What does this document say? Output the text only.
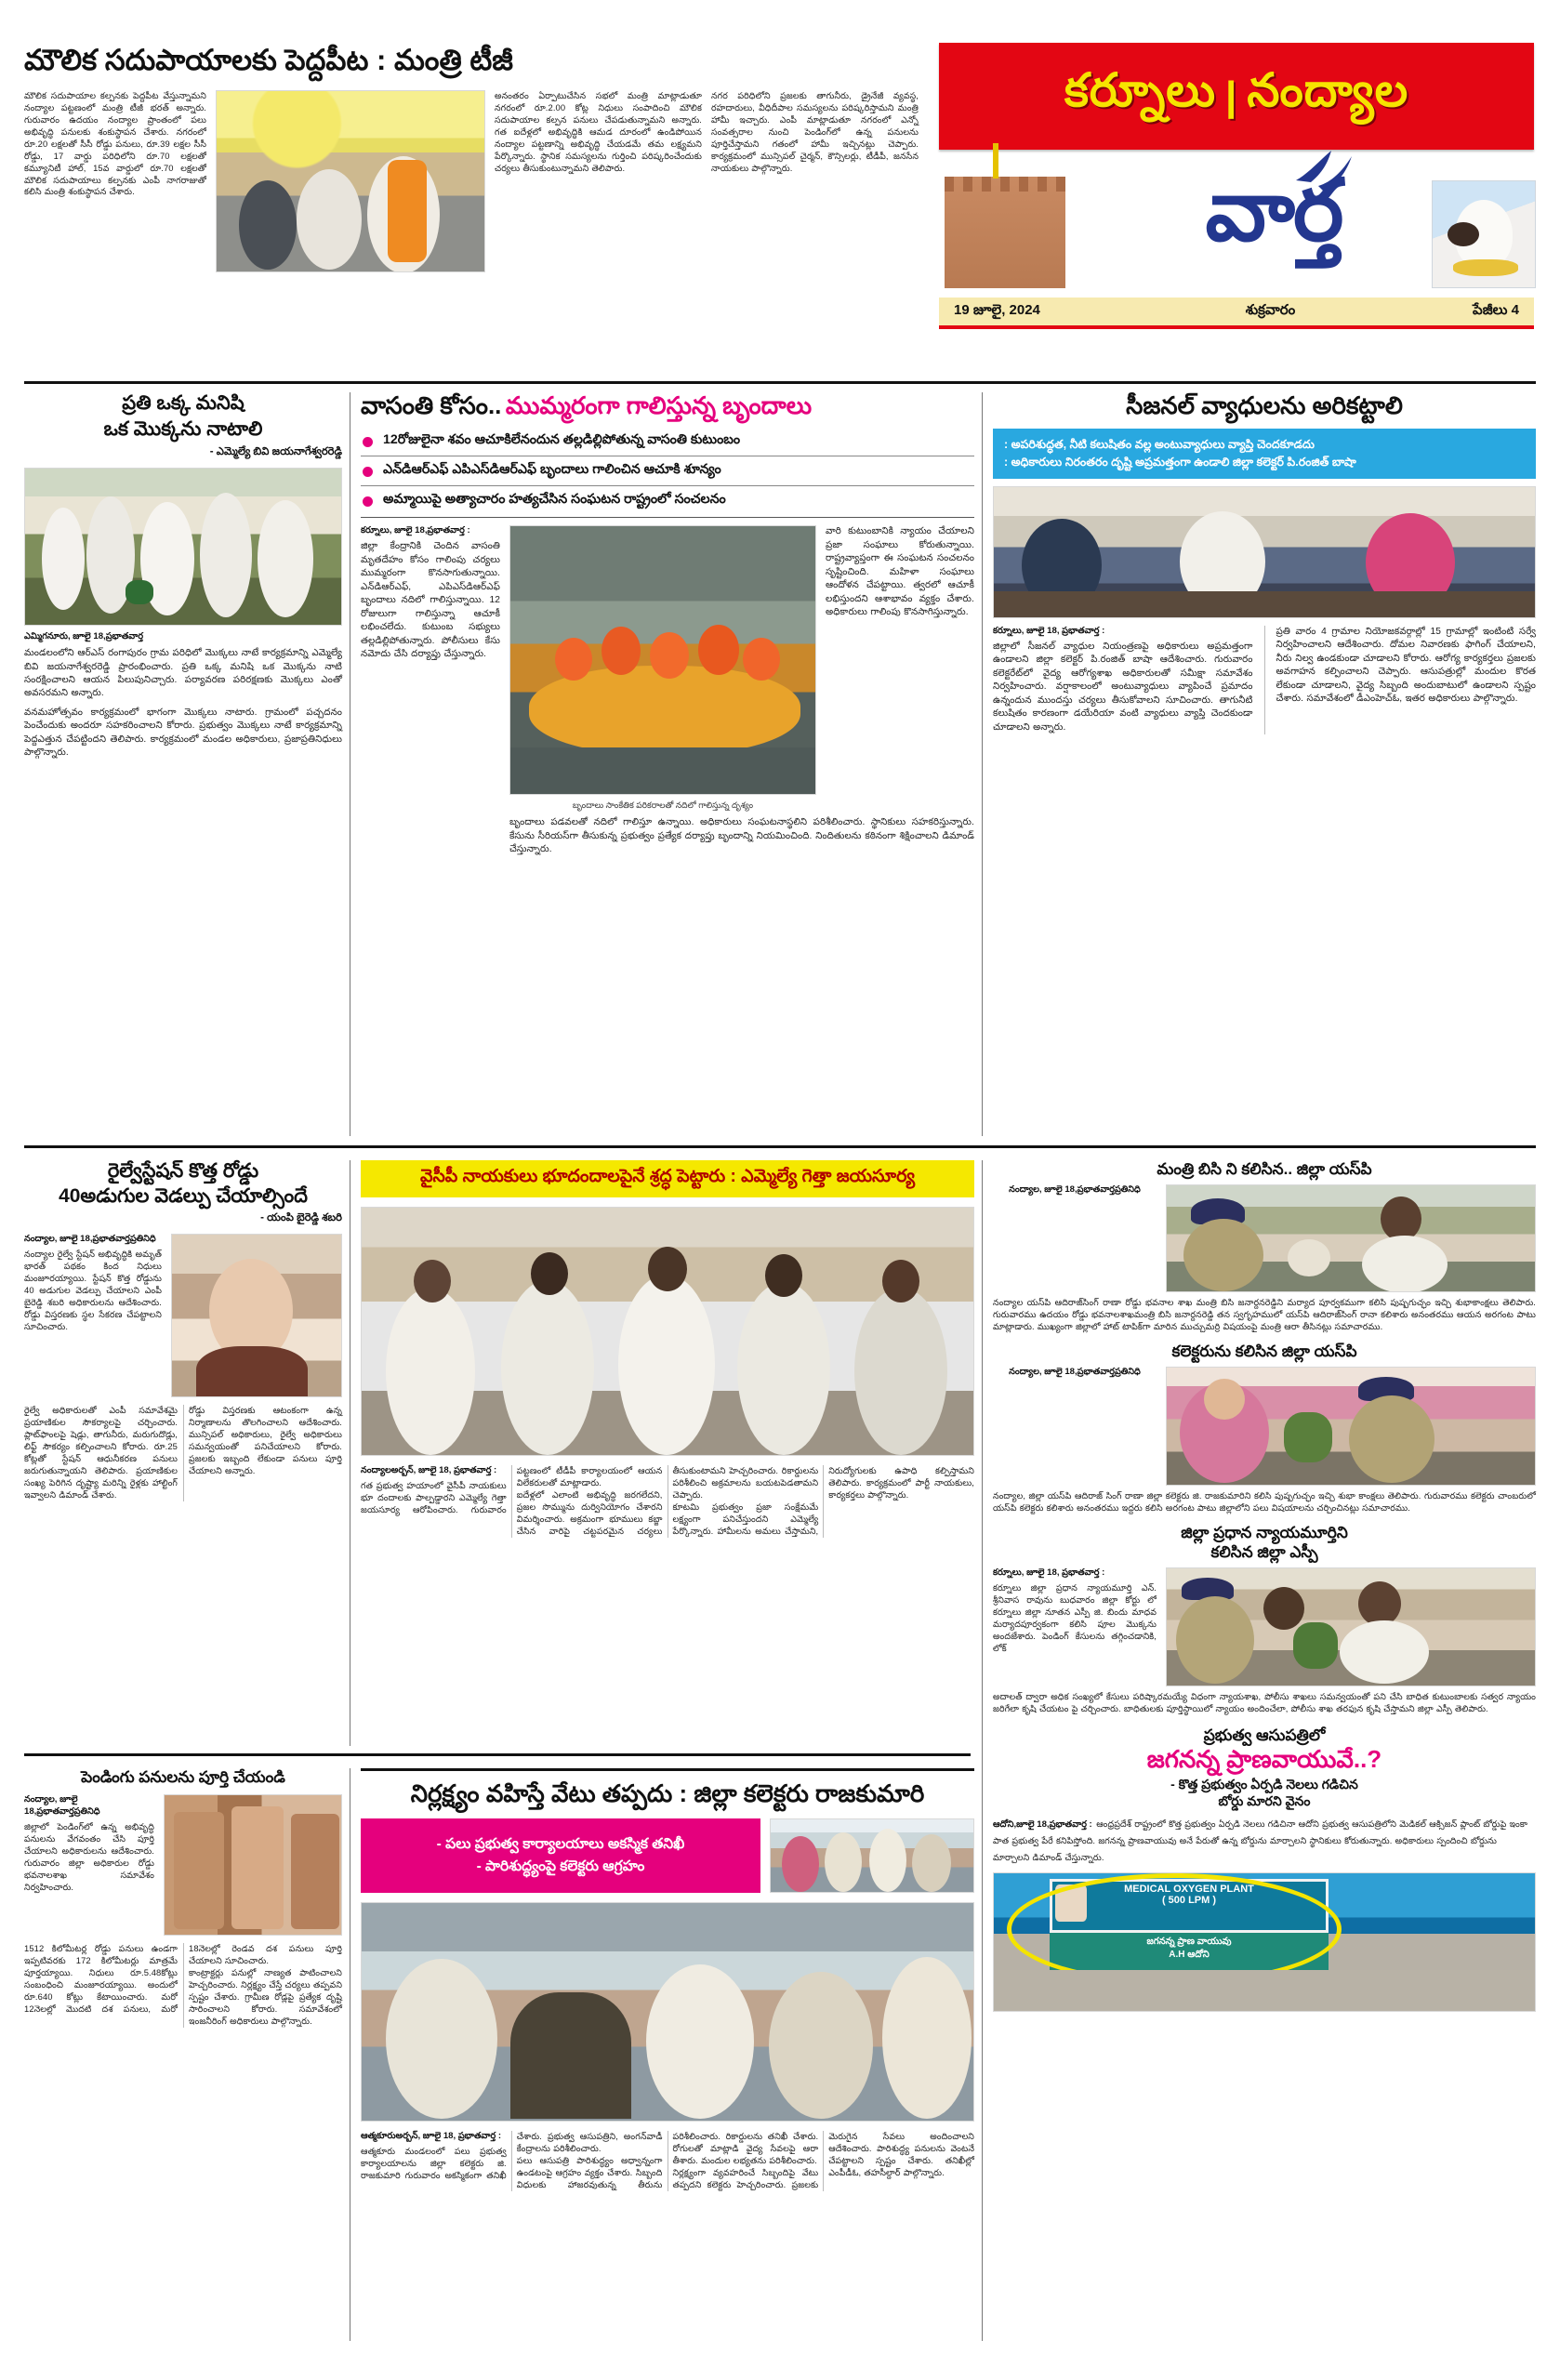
కర్నూలు | నంద్యాల
వార్త
19 జూలై, 2024	శుక్రవారం	పేజీలు 4
మౌలిక సదుపాయాలకు పెద్దపీట : మంత్రి టీజీ
మౌలిక సదుపాయాల కల్పనకు పెద్దపీట వేస్తున్నామని నంద్యాల పట్టణంలో మంత్రి టీజీ భరత్ అన్నారు. గురువారం ఉదయం నంద్యాల ప్రాంతంలో పలు అభివృద్ధి పనులకు శంకుస్థాపన చేశారు. నగరంలో రూ.20 లక్షలతో సీసీ రోడ్డు పనులు, రూ.39 లక్షల సీసీ రోడ్డు, 17 వార్డు పరిధిలోని రూ.70 లక్షలతో కమ్యూనిటీ హాల్, 15వ వార్డులో రూ.70 లక్షలతో మౌలిక సదుపాయాలు కల్పనకు ఎంపీ నాగరాజుతో కలిసి మంత్రి శంకుస్థాపన చేశారు.
అనంతరం ఏర్పాటుచేసిన సభలో మంత్రి మాట్లాడుతూ నగరంలో రూ.2.00 కోట్ల నిధులు సంపాదించి మౌలిక సదుపాయాల కల్పన పనులు చేపడుతున్నామని అన్నారు. గత ఐదేళ్లలో అభివృద్ధికి ఆమడ దూరంలో ఉండిపోయిన నంద్యాల పట్టణాన్ని అభివృద్ధి చేయడమే తమ లక్ష్యమని పేర్కొన్నారు. స్థానిక సమస్యలను గుర్తించి పరిష్కరించేందుకు చర్యలు తీసుకుంటున్నామని తెలిపారు.
నగర పరిధిలోని ప్రజలకు తాగునీరు, డ్రైనేజీ వ్యవస్థ, రహదారులు, వీధిదీపాల సమస్యలను పరిష్కరిస్తామని మంత్రి హామీ ఇచ్చారు. ఎంపీ మాట్లాడుతూ నగరంలో ఎన్నో సంవత్సరాల నుంచి పెండింగ్‌లో ఉన్న పనులను పూర్తిచేస్తామని గతంలో హామీ ఇచ్చినట్లు చెప్పారు. కార్యక్రమంలో మున్సిపల్ చైర్మన్, కౌన్సిలర్లు, టీడీపీ, జనసేన నాయకులు పాల్గొన్నారు.
ప్రతి ఒక్క మనిషి
ఒక మొక్కను నాటాలి
- ఎమ్మెల్యే బివి జయనాగేశ్వరరెడ్డి
ఎమ్మిగనూరు, జూలై 18,ప్రభాతవార్త
మండలంలోని ఆర్‌ఎస్ రంగాపురం గ్రామ పరిధిలో మొక్కలు నాటే కార్యక్రమాన్ని ఎమ్మెల్యే బివి జయనాగేశ్వరరెడ్డి ప్రారంభించారు. ప్రతి ఒక్క మనిషి ఒక మొక్కను నాటి సంరక్షించాలని ఆయన పిలుపునిచ్చారు. పర్యావరణ పరిరక్షణకు మొక్కలు ఎంతో అవసరమని అన్నారు.
వనమహోత్సవం కార్యక్రమంలో భాగంగా మొక్కలు నాటారు. గ్రామంలో పచ్చదనం పెంచేందుకు అందరూ సహకరించాలని కోరారు. ప్రభుత్వం మొక్కలు నాటే కార్యక్రమాన్ని పెద్దఎత్తున చేపట్టిందని తెలిపారు. కార్యక్రమంలో మండల అధికారులు, ప్రజాప్రతినిధులు పాల్గొన్నారు.
వాసంతి కోసం.. ముమ్మరంగా గాలిస్తున్న బృందాలు
12రోజులైనా శవం ఆచూకిలేనందున తల్లడిల్లిపోతున్న వాసంతి కుటుంబం
ఎన్‌డిఆర్‌ఎఫ్ ఎపిఎస్‌డిఆర్‌ఎఫ్ బృందాలు గాలించిన ఆచూకి శూన్యం
అమ్మాయిపై అత్యాచారం హత్యచేసిన సంఘటన రాష్ట్రంలో సంచలనం
కర్నూలు, జూలై 18,ప్రభాతవార్త :
జిల్లా కేంద్రానికి చెందిన వాసంతి మృతదేహం కోసం గాలింపు చర్యలు ముమ్మరంగా కొనసాగుతున్నాయి. ఎన్‌డిఆర్‌ఎఫ్, ఎపిఎస్‌డిఆర్‌ఎఫ్ బృందాలు నదిలో గాలిస్తున్నాయి. 12 రోజులుగా గాలిస్తున్నా ఆచూకీ లభించలేదు. కుటుంబ సభ్యులు తల్లడిల్లిపోతున్నారు. పోలీసులు కేసు నమోదు చేసి దర్యాప్తు చేస్తున్నారు.
వారి కుటుంబానికి న్యాయం చేయాలని ప్రజా సంఘాలు కోరుతున్నాయి. రాష్ట్రవ్యాప్తంగా ఈ సంఘటన సంచలనం సృష్టించింది. మహిళా సంఘాలు ఆందోళన చేపట్టాయి. త్వరలో ఆచూకీ లభిస్తుందని ఆశాభావం వ్యక్తం చేశారు. అధికారులు గాలింపు కొనసాగిస్తున్నారు.
బృందాలు సాంకేతిక పరికరాలతో నదిలో గాలిస్తున్న దృశ్యం
బృందాలు పడవలతో నదిలో గాలిస్తూ ఉన్నాయి. అధికారులు సంఘటనాస్థలిని పరిశీలించారు. స్థానికులు సహకరిస్తున్నారు. కేసును సీరియస్‌గా తీసుకున్న ప్రభుత్వం ప్రత్యేక దర్యాప్తు బృందాన్ని నియమించింది. నిందితులను కఠినంగా శిక్షించాలని డిమాండ్ చేస్తున్నారు.
సీజనల్ వ్యాధులను అరికట్టాలి
: అపరిశుద్ధత, నీటి కలుషితం వల్ల అంటువ్యాధులు వ్యాప్తి చెందకూడదు
: అధికారులు నిరంతరం దృష్టి అప్రమత్తంగా ఉండాలి జిల్లా కలెక్టర్ పి.రంజిత్ బాషా
కర్నూలు, జూలై 18, ప్రభాతవార్త :
జిల్లాలో సీజనల్ వ్యాధుల నియంత్రణపై అధికారులు అప్రమత్తంగా ఉండాలని జిల్లా కలెక్టర్ పి.రంజిత్ బాషా ఆదేశించారు. గురువారం కలెక్టరేట్‌లో వైద్య ఆరోగ్యశాఖ అధికారులతో సమీక్షా సమావేశం నిర్వహించారు. వర్షాకాలంలో అంటువ్యాధులు వ్యాపించే ప్రమాదం ఉన్నందున ముందస్తు చర్యలు తీసుకోవాలని సూచించారు. తాగునీటి కలుషితం కారణంగా డయేరియా వంటి వ్యాధులు వ్యాప్తి చెందకుండా చూడాలని అన్నారు.
ప్రతి వారం 4 గ్రామాల నియోజకవర్గాల్లో 15 గ్రామాల్లో ఇంటింటి సర్వే నిర్వహించాలని ఆదేశించారు. దోమల నివారణకు ఫాగింగ్ చేయాలని, నీరు నిల్వ ఉండకుండా చూడాలని కోరారు. ఆరోగ్య కార్యకర్తలు ప్రజలకు అవగాహన కల్పించాలని చెప్పారు. ఆసుపత్రుల్లో మందుల కొరత లేకుండా చూడాలని, వైద్య సిబ్బంది అందుబాటులో ఉండాలని స్పష్టం చేశారు. సమావేశంలో డీఎంహెచ్‌ఓ, ఇతర అధికారులు పాల్గొన్నారు.
రైల్వేస్టేషన్ కొత్త రోడ్డు
40అడుగుల వెడల్పు చేయాల్సిందే
- యంపి బైరెడ్డి శబరి
నంద్యాల, జూలై 18,ప్రభాతవార్తప్రతినిధి
నంద్యాల రైల్వే స్టేషన్ అభివృద్ధికి అమృత్ భారత్ పథకం కింద నిధులు మంజూరయ్యాయి. స్టేషన్ కొత్త రోడ్డును 40 అడుగుల వెడల్పు చేయాలని ఎంపీ బైరెడ్డి శబరి అధికారులను ఆదేశించారు. రోడ్డు విస్తరణకు స్థల సేకరణ చేపట్టాలని సూచించారు.
రైల్వే అధికారులతో ఎంపీ సమావేశమై ప్రయాణికుల సౌకర్యాలపై చర్చించారు. ప్లాట్‌ఫాంలపై షెడ్లు, తాగునీరు, మరుగుదొడ్లు, లిఫ్ట్ సౌకర్యం కల్పించాలని కోరారు. రూ.25 కోట్లతో స్టేషన్ ఆధునీకరణ పనులు జరుగుతున్నాయని తెలిపారు. ప్రయాణికుల సంఖ్య పెరిగిన దృష్ట్యా మరిన్ని రైళ్లకు హాల్టింగ్ ఇవ్వాలని డిమాండ్ చేశారు.
రోడ్డు విస్తరణకు ఆటంకంగా ఉన్న నిర్మాణాలను తొలగించాలని ఆదేశించారు. మున్సిపల్ అధికారులు, రైల్వే అధికారులు సమన్వయంతో పనిచేయాలని కోరారు. ప్రజలకు ఇబ్బంది లేకుండా పనులు పూర్తి చేయాలని అన్నారు.
వైసీపీ నాయకులు భూదందాలపైనే శ్రద్ధ పెట్టారు : ఎమ్మెల్యే గెత్తా జయసూర్య
నంద్యాలఅర్బన్, జూలై 18, ప్రభాతవార్త :
గత ప్రభుత్వ హయాంలో వైసీపీ నాయకులు భూ దందాలకు పాల్పడ్డారని ఎమ్మెల్యే గెత్తా జయసూర్య ఆరోపించారు. గురువారం పట్టణంలో టీడీపీ కార్యాలయంలో ఆయన విలేకరులతో మాట్లాడారు.
ఐదేళ్లలో ఎలాంటి అభివృద్ధి జరగలేదని, ప్రజల సొమ్మును దుర్వినియోగం చేశారని విమర్శించారు. అక్రమంగా భూములు కబ్జా చేసిన వారిపై చట్టపరమైన చర్యలు తీసుకుంటామని హెచ్చరించారు. రికార్డులను పరిశీలించి అక్రమాలను బయటపెడతామని చెప్పారు.
కూటమి ప్రభుత్వం ప్రజా సంక్షేమమే లక్ష్యంగా పనిచేస్తుందని ఎమ్మెల్యే పేర్కొన్నారు. హామీలను అమలు చేస్తామని, నిరుద్యోగులకు ఉపాధి కల్పిస్తామని తెలిపారు. కార్యక్రమంలో పార్టీ నాయకులు, కార్యకర్తలు పాల్గొన్నారు.
మంత్రి బిసి ని కలిసిన.. జిల్లా యస్‌పి
నంద్యాల, జూలై 18,ప్రభాతవార్తప్రతినిధి
నంద్యాల యస్‌పి ఆదిరాజ్‌సింగ్ రాణా రోడ్డు భవనాల శాఖ మంత్రి బిసి జనార్దనరెడ్డిని మర్యాద పూర్వకముగా కలిసి పుష్పగుచ్ఛం ఇచ్చి శుభాకాంక్షలు తెలిపారు. గురువారము ఉదయం రోడ్డు భవనాలశాఖమంత్రి బిసి జనార్దనరెడ్డి తన స్వగృహములో యస్‌పి ఆదిరాజ్‌సింగ్ రానా కలిశారు అనంతరము ఆయన అరగంట పాటు మాట్లాడారు. ముఖ్యంగా జిల్లాలో హాట్ టాపిక్‌గా మారిన ముచ్చుమర్రి విషయంపై మంత్రి ఆరా తీసినట్లు సమాచారము.
కలెక్టరును కలిసిన జిల్లా యస్‌పి
నంద్యాల, జూలై 18,ప్రభాతవార్తప్రతినిధి
నంద్యాల, జిల్లా యస్‌పి ఆదిరాజ్ సింగ్ రాణా జిల్లా కలెక్టరు జి. రాజకుమారిని కలిసి పుష్పగుచ్ఛం ఇచ్చి శుభా కాంక్షలు తెలిపారు. గురువారము కలెక్టరు చాంబరులో యస్‌పి కలెక్టరు కలిశారు అనంతరము ఇద్దరు కలిసి అరగంట పాటు జిల్లాలోని పలు విషయాలను చర్చించినట్లు సమాచారము.
జిల్లా ప్రధాన న్యాయమూర్తిని
కలిసిన జిల్లా ఎస్పీ
కర్నూలు, జూలై 18, ప్రభాతవార్త :
కర్నూలు జిల్లా ప్రధాన న్యాయమూర్తి ఎన్. శ్రీనివాస రావును బుధవారం జిల్లా కోర్టు లో కర్నూలు జిల్లా నూతన ఎస్పీ జి. బిందు మాధవ మర్యాదపూర్వకంగా కలిసి పూల మొక్కను అందజేశారు. పెండింగ్ కేసులను తగ్గించడానికి, లోక్
అదాలత్ ద్వారా అధిక సంఖ్యలో కేసులు పరిష్కారమయ్యే విధంగా న్యాయశాఖ, పోలీసు శాఖలు సమన్వయంతో పని చేసి బాధిత కుటుంబాలకు సత్వర న్యాయం జరిగేలా కృషి చేయటం పై చర్చించారు. బాధితులకు పూర్తిస్థాయిలో న్యాయం అందించేలా, పోలీసు శాఖ తరఫున కృషి చేస్తామని జిల్లా ఎస్పీ తెలిపారు.
ప్రభుత్వ ఆసుపత్రిలో
జగనన్న ప్రాణవాయువే..?
- కొత్త ప్రభుత్వం ఏర్పడి నెలలు గడిచిన
బోర్డు మారని వైనం
ఆదోని,జూలై 18,ప్రభాతవార్త : ఆంధ్రప్రదేశ్ రాష్ట్రంలో కొత్త ప్రభుత్వం ఏర్పడి నెలలు గడిచినా ఆదోని ప్రభుత్వ ఆసుపత్రిలోని మెడికల్ ఆక్సిజన్ ప్లాంట్ బోర్డుపై ఇంకా పాత ప్రభుత్వ పేరే కనిపిస్తోంది. జగనన్న ప్రాణవాయువు అనే పేరుతో ఉన్న బోర్డును మార్చాలని స్థానికులు కోరుతున్నారు. అధికారులు స్పందించి బోర్డును మార్చాలని డిమాండ్ చేస్తున్నారు.
MEDICAL OXYGEN PLANT
( 500 LPM )
జగనన్న ప్రాణ వాయువు
A.H ఆదోని
పెండింగు పనులను పూర్తి చేయండి
నంద్యాల, జూలై 18,ప్రభాతవార్తప్రతినిధి
జిల్లాలో పెండింగ్‌లో ఉన్న అభివృద్ధి పనులను వేగవంతం చేసి పూర్తి చేయాలని అధికారులను ఆదేశించారు. గురువారం జిల్లా అధికారుల రోడ్డు భవనాలశాఖ సమావేశం నిర్వహించారు.
1512 కిలోమీటర్ల రోడ్డు పనులు ఉండగా ఇప్పటివరకు 172 కిలోమీటర్లు మాత్రమే పూర్తయ్యాయి. నిధులు రూ.5.48కోట్లు సంబంధించి మంజూరయ్యాయి. అందులో రూ.640 కోట్లు కేటాయించారు. మరో 12నెలల్లో మొదటి దశ పనులు, మరో 18నెలల్లో రెండవ దశ పనులు పూర్తి చేయాలని సూచించారు.
కాంట్రాక్టర్లు పనుల్లో నాణ్యత పాటించాలని హెచ్చరించారు. నిర్లక్ష్యం చేస్తే చర్యలు తప్పవని స్పష్టం చేశారు. గ్రామీణ రోడ్లపై ప్రత్యేక దృష్టి సారించాలని కోరారు. సమావేశంలో ఇంజనీరింగ్ అధికారులు పాల్గొన్నారు.
నిర్లక్ష్యం వహిస్తే వేటు తప్పదు : జిల్లా కలెక్టరు రాజకుమారి
- పలు ప్రభుత్వ కార్యాలయాలు అకస్మిక తనిఖీ
- పారిశుద్ధ్యంపై కలెక్టరు ఆగ్రహం
ఆత్మకూరుఅర్బన్, జూలై 18, ప్రభాతవార్త :
ఆత్మకూరు మండలంలో పలు ప్రభుత్వ కార్యాలయాలను జిల్లా కలెక్టరు జి. రాజకుమారి గురువారం అకస్మికంగా తనిఖీ చేశారు. ప్రభుత్వ ఆసుపత్రిని, అంగన్‌వాడీ కేంద్రాలను పరిశీలించారు.
పలు ఆసుపత్రి పారిశుద్ధ్యం అధ్వాన్నంగా ఉండటంపై ఆగ్రహం వ్యక్తం చేశారు. సిబ్బంది విధులకు హాజరవుతున్న తీరును పరిశీలించారు. రికార్డులను తనిఖీ చేశారు. రోగులతో మాట్లాడి వైద్య సేవలపై ఆరా తీశారు. మందుల లభ్యతను పరిశీలించారు.
నిర్లక్ష్యంగా వ్యవహరించే సిబ్బందిపై వేటు తప్పదని కలెక్టరు హెచ్చరించారు. ప్రజలకు మెరుగైన సేవలు అందించాలని ఆదేశించారు. పారిశుద్ధ్య పనులను వెంటనే చేపట్టాలని స్పష్టం చేశారు. తనిఖీల్లో ఎంపీడీఓ, తహసీల్దార్ పాల్గొన్నారు.
